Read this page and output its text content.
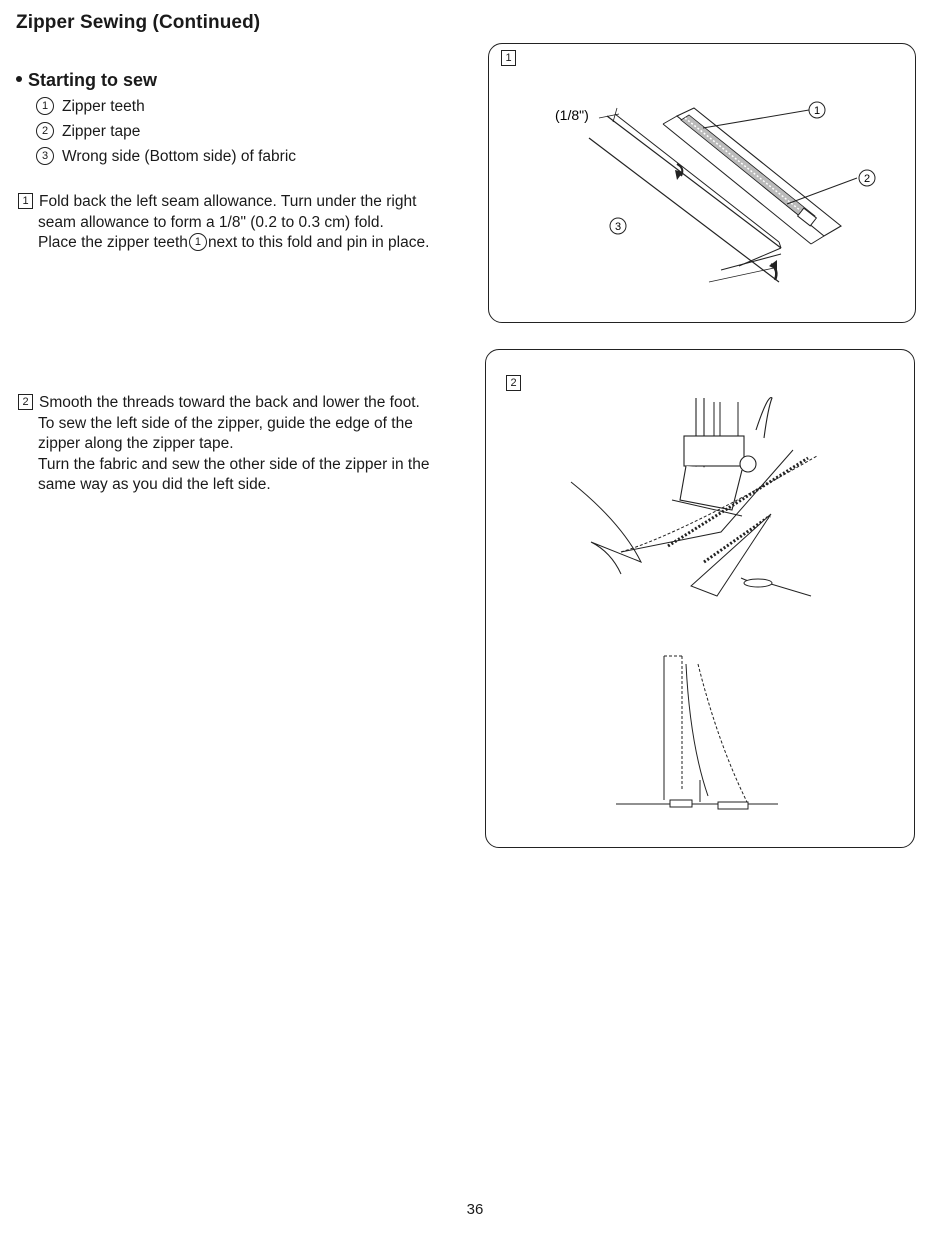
Zipper Sewing (Continued)
Starting to sew
1 Zipper teeth
2 Zipper tape
3 Wrong side (Bottom side) of fabric
1 Fold back the left seam allowance. Turn under the right
seam allowance to form a 1/8" (0.2 to 0.3 cm) fold.
Place the zipper teeth 1 next to this fold and pin in place.
2 Smooth the threads toward the back and lower the foot.
To sew the left side of the zipper, guide the edge of the
zipper along the zipper tape.
Turn the fabric and sew the other side of the zipper in the
same way as you did the left side.
1
1
2
3
(1/8")
2
36
